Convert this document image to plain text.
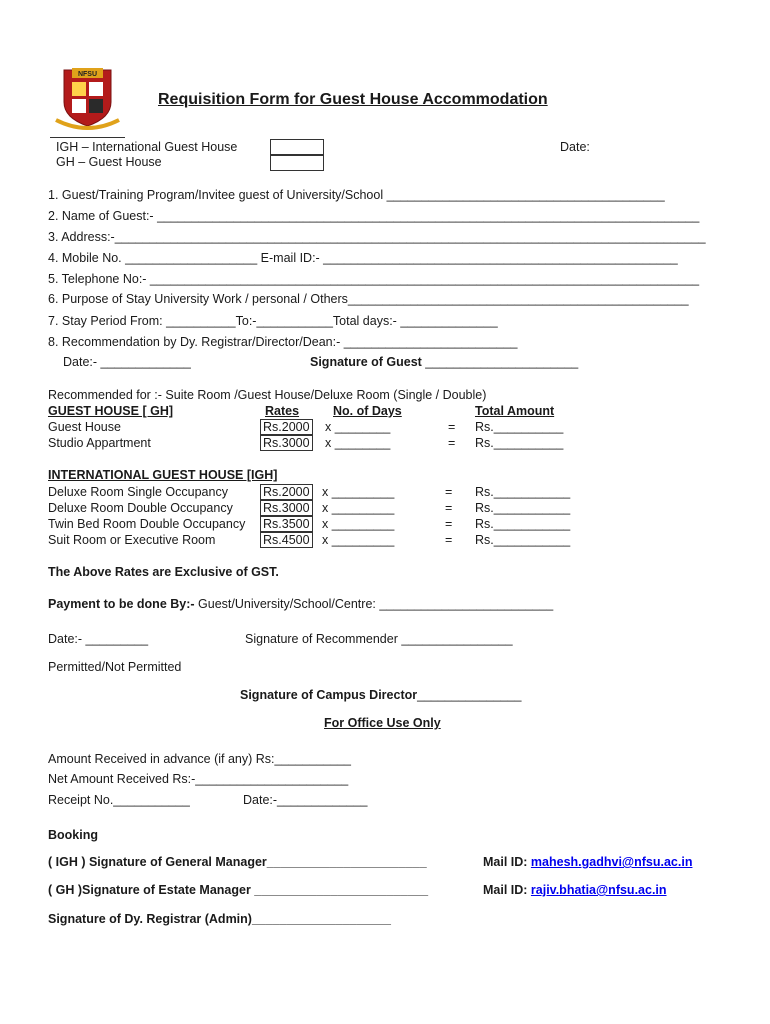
NFSU
Requisition Form for Guest House Accommodation
IGH – International Guest House
GH – Guest House
Date:
1. Guest/Training Program/Invitee guest of University/School ________________________________________
2. Name of Guest:- ______________________________________________________________________________
3. Address:-_____________________________________________________________________________________
4. Mobile No. ___________________ E-mail ID:- ___________________________________________________
5. Telephone No:- _______________________________________________________________________________
6. Purpose of Stay University Work / personal / Others_________________________________________________
7. Stay Period From: __________To:-___________Total days:- ______________
8. Recommendation by Dy. Registrar/Director/Dean:- _________________________
Date:- _____________	Signature of Guest ______________________
Recommended for :- Suite Room /Guest House/Deluxe Room (Single / Double)
GUEST HOUSE [ GH]	Rates	No. of Days	Total Amount
Guest House	Rs.2000 x ________	= Rs.__________
Studio Appartment	Rs.3000 x ________	= Rs.__________
INTERNATIONAL GUEST HOUSE [IGH]
Deluxe Room Single Occupancy	Rs.2000 x _________	= Rs.___________
Deluxe Room Double Occupancy Rs.3000 x _________	= Rs.___________
Twin Bed Room Double Occupancy Rs.3500 x _________	= Rs.___________
Suit Room or Executive Room	Rs.4500 x _________	= Rs.___________
The Above Rates are Exclusive of GST.
Payment to be done By:- Guest/University/School/Centre: _________________________
Date:- _________	Signature of Recommender ________________
Permitted/Not Permitted
Signature of Campus Director_______________
For Office Use Only
Amount Received in advance (if any) Rs:___________
Net Amount Received Rs:-______________________
Receipt No.___________	Date:-_____________
Booking
( IGH ) Signature of General Manager_______________________
( GH )Signature of Estate Manager _________________________
Signature of Dy. Registrar (Admin)____________________
Mail ID: mahesh.gadhvi@nfsu.ac.in
Mail ID: rajiv.bhatia@nfsu.ac.in
